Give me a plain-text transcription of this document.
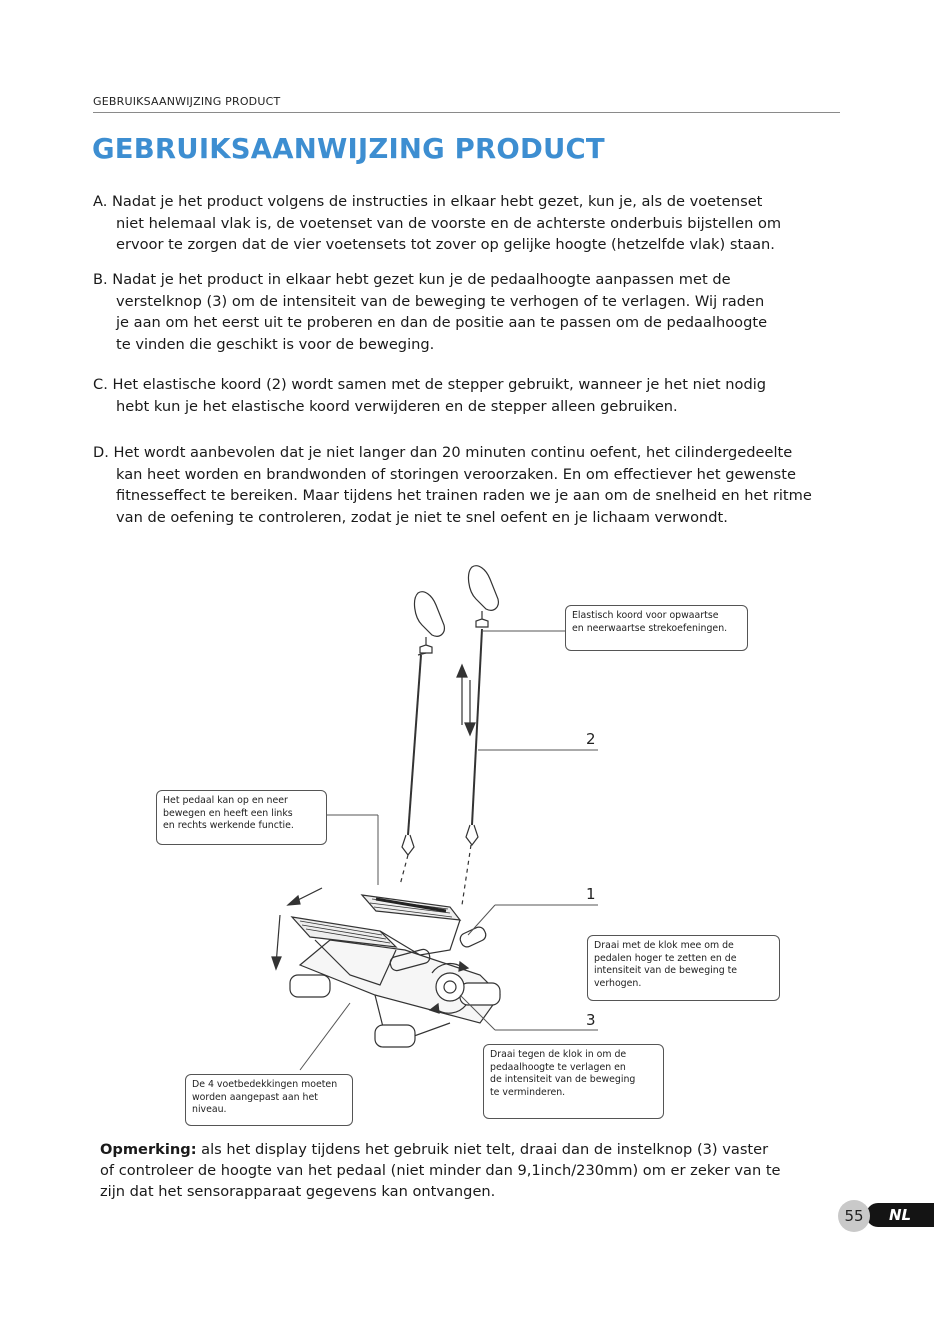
GEBRUIKSAANWIJZING PRODUCT
GEBRUIKSAANWIJZING PRODUCT

A. Nadat je het product volgens de instructies in elkaar hebt gezet, kun je, als de voetenset
niet helemaal vlak is, de voetenset van de voorste en de achterste onderbuis bijstellen om
ervoor te zorgen dat de vier voetensets tot zover op gelijke hoogte (hetzelfde vlak) staan.

B. Nadat je het product in elkaar hebt gezet kun je de pedaalhoogte aanpassen met de
verstelknop (3) om de intensiteit van de beweging te verhogen of te verlagen. Wij raden
je aan om het eerst uit te proberen en dan de positie aan te passen om de pedaalhoogte
te vinden die geschikt is voor de beweging.

C. Het elastische koord (2) wordt samen met de stepper gebruikt, wanneer je het niet nodig
hebt kun je het elastische koord verwijderen en de stepper alleen gebruiken.

D. Het wordt aanbevolen dat je niet langer dan 20 minuten continu oefent, het cilindergedeelte
kan heet worden en brandwonden of storingen veroorzaken. En om effectiever het gewenste
fitnesseffect te bereiken. Maar tijdens het trainen raden we je aan om de snelheid en het ritme
van de oefening te controleren, zodat je niet te snel oefent en je lichaam verwondt.

Elastisch koord voor opwaartse
en neerwaartse strekoefeningen.
Het pedaal kan op en neer
bewegen en heeft een links
en rechts werkende functie.
Draai met de klok mee om de
pedalen hoger te zetten en de
intensiteit van de beweging te
verhogen.
Draai tegen de klok in om de
pedaalhoogte te verlagen en
de intensiteit van de beweging
te verminderen.
De 4 voetbedekkingen moeten
worden aangepast aan het
niveau.
2
1
3

Opmerking: als het display tijdens het gebruik niet telt, draai dan de instelknop (3) vaster
of controleer de hoogte van het pedaal (niet minder dan 9,1inch/230mm) om er zeker van te
zijn dat het sensorapparaat gegevens kan ontvangen.

NL
55
